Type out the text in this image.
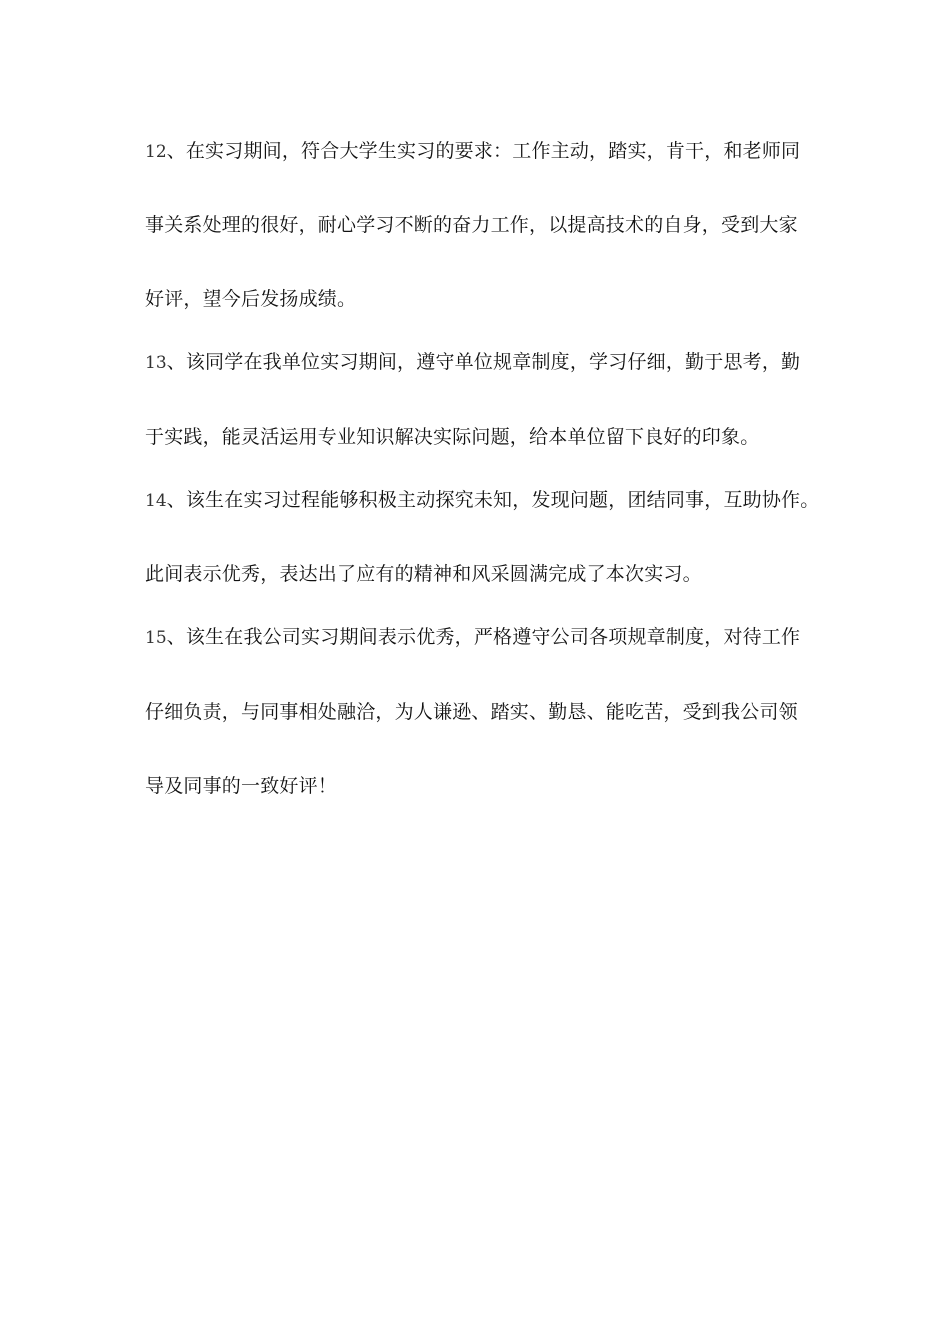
12、在实习期间，符合大学生实习的要求：工作主动，踏实，肯干，和老师同
事关系处理的很好，耐心学习不断的奋力工作，以提高技术的自身，受到大家
好评，望今后发扬成绩。
13、该同学在我单位实习期间，遵守单位规章制度，学习仔细，勤于思考，勤
于实践，能灵活运用专业知识解决实际问题，给本单位留下良好的印象。
14、该生在实习过程能够积极主动探究未知，发现问题，团结同事，互助协作。
此间表示优秀，表达出了应有的精神和风采圆满完成了本次实习。
15、该生在我公司实习期间表示优秀，严格遵守公司各项规章制度，对待工作
仔细负责，与同事相处融洽，为人谦逊、踏实、勤恳、能吃苦，受到我公司领
导及同事的一致好评！
